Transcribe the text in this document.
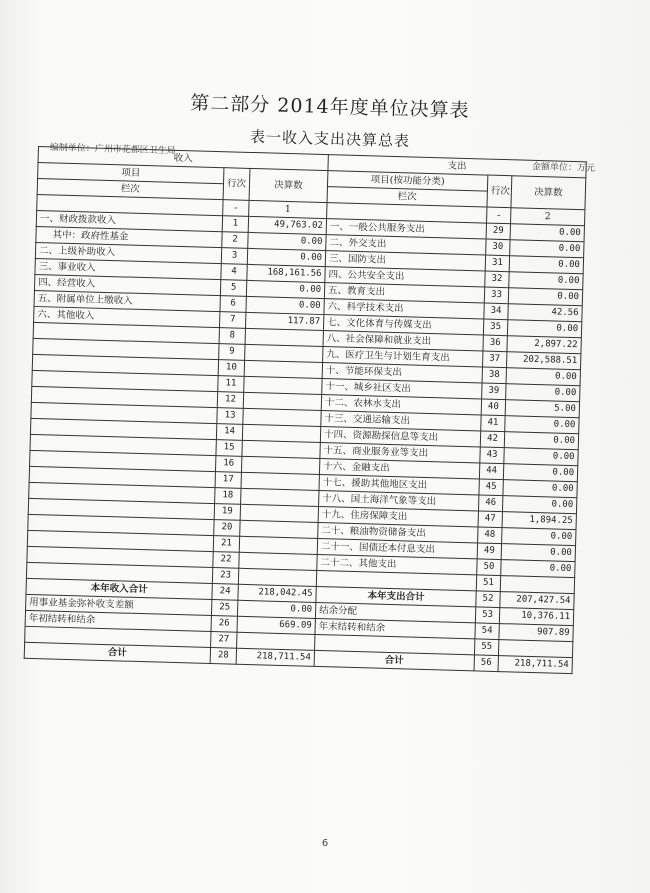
第二部分 2014年度单位决算表
表一收入支出决算总表
编制单位：广州市花都区卫生局
金额单位：万元
收入			支出		
项目	行次	决算数	项目(按功能分类)	行次	决算数
栏次			栏次		
	-	1		-	2
一、财政拨款收入	1	49,763.02	一、一般公共服务支出	29	0.00
其中：政府性基金	2	0.00	二、外交支出	30	0.00
二、上级补助收入	3	0.00	三、国防支出	31	0.00
三、事业收入	4	168,161.56	四、公共安全支出	32	0.00
四、经营收入	5	0.00	五、教育支出	33	0.00
五、附属单位上缴收入	6	0.00	六、科学技术支出	34	42.56
六、其他收入	7	117.87	七、文化体育与传媒支出	35	0.00
	8		八、社会保障和就业支出	36	2,897.22
	9		九、医疗卫生与计划生育支出	37	202,588.51
	10		十、节能环保支出	38	0.00
	11		十一、城乡社区支出	39	0.00
	12		十二、农林水支出	40	5.00
	13		十三、交通运输支出	41	0.00
	14		十四、资源勘探信息等支出	42	0.00
	15		十五、商业服务业等支出	43	0.00
	16		十六、金融支出	44	0.00
	17		十七、援助其他地区支出	45	0.00
	18		十八、国土海洋气象等支出	46	0.00
	19		十九、住房保障支出	47	1,894.25
	20		二十、粮油物资储备支出	48	0.00
	21		二十一、国债还本付息支出	49	0.00
	22		二十二、其他支出	50	0.00
	23			51	
本年收入合计	24	218,042.45	本年支出合计	52	207,427.54
用事业基金弥补收支差额	25	0.00	结余分配	53	10,376.11
年初结转和结余	26	669.09	年末结转和结余	54	907.89
	27			55	
合计	28	218,711.54	合计	56	218,711.54
6
